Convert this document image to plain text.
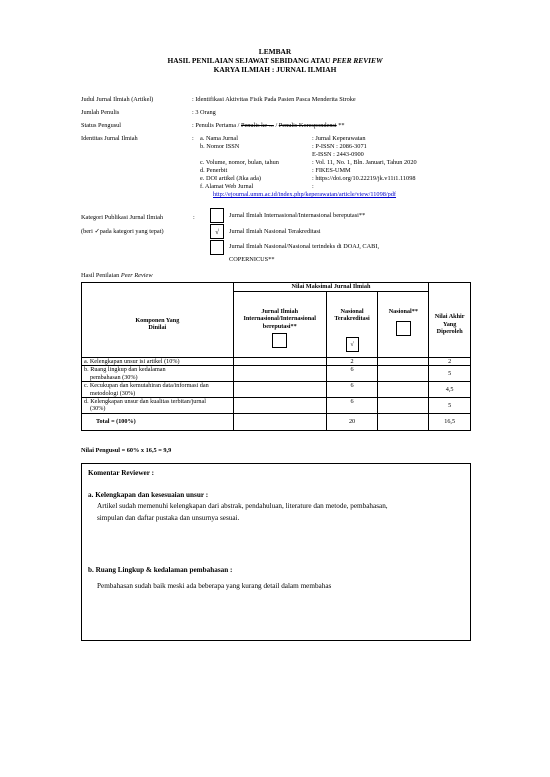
LEMBAR
HASIL PENILAIAN SEJAWAT SEBIDANG ATAU PEER REVIEW
KARYA ILMIAH : JURNAL ILMIAH
Judul Jurnal Ilmiah (Artikel)	: Identifikasi Aktivitas Fisik Pada Pasien Pasca Menderita Stroke
Jumlah Penulis	: 3 Orang
Status Pengusul	: Penulis Pertama / Penulis ke-... / Penulis Korespondensi **
Identitas Jurnal Ilmiah	: a. Nama Jurnal	: Jurnal Keperawatan
b. Nomor ISSN	: P-ISSN : 2086-3071
E-ISSN : 2443-0900
c. Volume, nomor, bulan, tahun	: Vol. 11, No. 1, Bln. Januari, Tahun 2020
d. Penerbit	: FIKES-UMM
e. DOI artikel (Jika ada)	: https://doi.org/10.22219/jk.v11i1.11098
f. Alamat Web Jurnal	:
http://ejournal.umm.ac.id/index.php/keperawatan/article/view/11098/pdf
Kategori Publikasi Jurnal Ilmiah	:
(beri ✓pada kategori yang tepat)
Jurnal Ilmiah Internasional/Internasional bereputasi**
√	Jurnal Ilmiah Nasional Terakreditasi
Jurnal Ilmiah Nasional/Nasional terindeks di DOAJ, CABI,
COPERNICUS**
Hasil Penilaian Peer Review
	Nilai Maksimal Jurnal Ilmiah			

Komponen Yang Dinilai	Jurnal Ilmiah Internasional/Internasional bereputasi**	Nasional Terakreditasi
√	Nasional**	Nilai Akhir Yang Diperoleh

a. Kelengkapan unsur isi artikel (10%)		2		2

b. Ruang lingkup dan kedalaman pembahasan (30%)		6		5

c. Kecukupan dan kemutahiran data/informasi dan metodologi (30%)		6		4,5

d. Kelengkapan unsur dan kualitas terbitan/jurnal (30%)		6		5
Total = (100%)		20		16,5
Nilai Pengusul = 60% x 16,5 = 9,9
Komentar Reviewer :
a. Kelengkapan dan kesesuaian unsur :
Artikel sudah memenuhi kelengkapan dari abstrak, pendahuluan, literature dan metode, pembahasan,
simpulan dan daftar pustaka dan unsurnya sesuai.
b. Ruang Lingkup & kedalaman pembahasan :
Pembahasan sudah baik meski ada beberapa yang kurang detail dalam membahas
